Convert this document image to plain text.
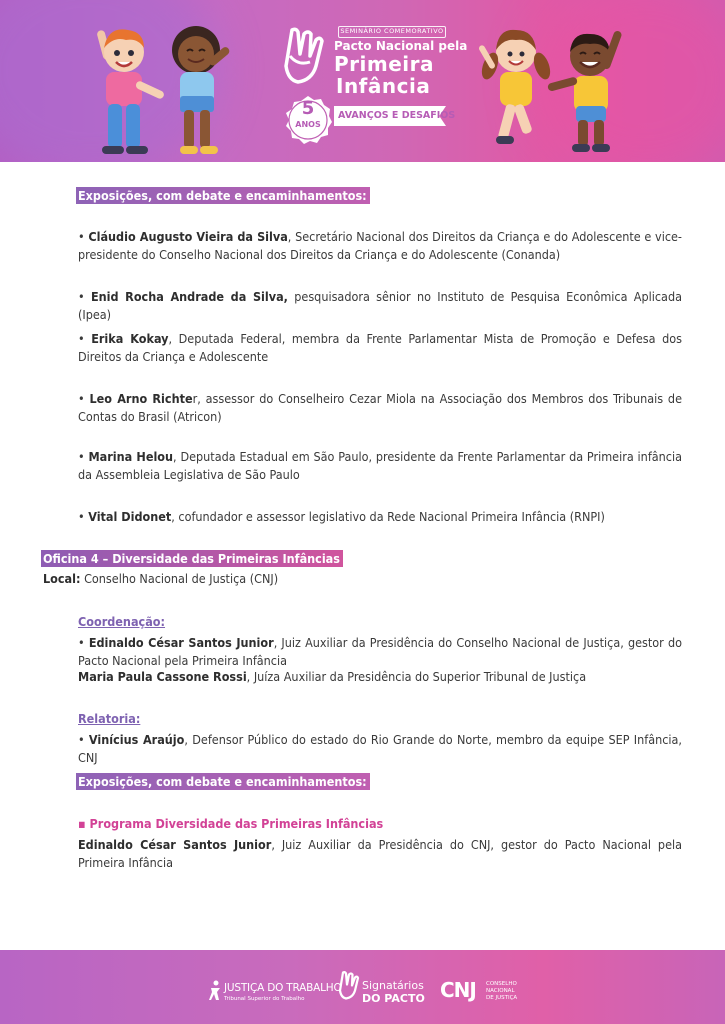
SEMINÁRIO COMEMORATIVO
Pacto Nacional pela
Primeira
Infância
5
ANOS
AVANÇOS E DESAFIOS
Exposições, com debate e encaminhamentos:

• Cláudio Augusto Vieira da Silva, Secretário Nacional dos Direitos da Criança e do Adolescente e vice-presidente do Conselho Nacional dos Direitos da Criança e do Adolescente (Conanda)

• Enid Rocha Andrade da Silva, pesquisadora sênior no Instituto de Pesquisa Econômica Aplicada (Ipea)

• Erika Kokay, Deputada Federal, membra da Frente Parlamentar Mista de Promoção e Defesa dos Direitos da Criança e Adolescente

• Leo Arno Richter, assessor do Conselheiro Cezar Miola na Associação dos Membros dos Tribunais de Contas do Brasil (Atricon)

• Marina Helou, Deputada Estadual em São Paulo, presidente da Frente Parlamentar da Primeira infância da Assembleia Legislativa de São Paulo

• Vital Didonet, cofundador e assessor legislativo da Rede Nacional Primeira Infância (RNPI)

Oficina 4 – Diversidade das Primeiras Infâncias

Local: Conselho Nacional de Justiça (CNJ)

Coordenação:

• Edinaldo César Santos Junior, Juiz Auxiliar da Presidência do Conselho Nacional de Justiça, gestor do Pacto Nacional pela Primeira Infância

Maria Paula Cassone Rossi, Juíza Auxiliar da Presidência do Superior Tribunal de Justiça

Relatoria:

• Vinícius Araújo, Defensor Público do estado do Rio Grande do Norte, membro da equipe SEP Infância, CNJ

Exposições, com debate e encaminhamentos:
▪ Programa Diversidade das Primeiras Infâncias

Edinaldo César Santos Junior, Juiz Auxiliar da Presidência do CNJ, gestor do Pacto Nacional pela Primeira Infância

JUSTIÇA DO TRABALHO
Tribunal Superior do Trabalho
Signatários
DO PACTO CNJ CONSELHO
NACIONAL
DE JUSTIÇA
